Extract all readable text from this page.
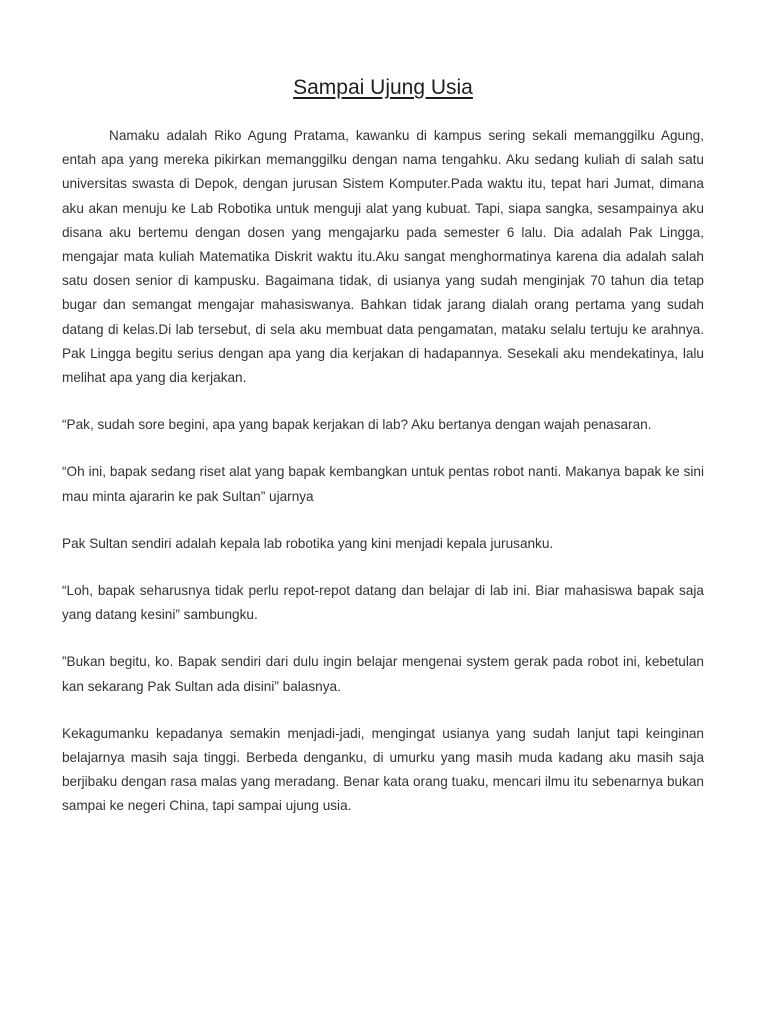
Sampai Ujung Usia

Namaku adalah Riko Agung Pratama, kawanku di kampus sering sekali memanggilku Agung, entah apa yang mereka pikirkan memanggilku dengan nama tengahku. Aku sedang kuliah di salah satu universitas swasta di Depok, dengan jurusan Sistem Komputer.Pada waktu itu, tepat hari Jumat, dimana aku akan menuju ke Lab Robotika untuk menguji alat yang kubuat. Tapi, siapa sangka, sesampainya aku disana aku bertemu dengan dosen yang mengajarku pada semester 6 lalu. Dia adalah Pak Lingga, mengajar mata kuliah Matematika Diskrit waktu itu.Aku sangat menghormatinya karena dia adalah salah satu dosen senior di kampusku. Bagaimana tidak, di usianya yang sudah menginjak 70 tahun dia tetap bugar dan semangat mengajar mahasiswanya. Bahkan tidak jarang dialah orang pertama yang sudah datang di kelas.Di lab tersebut, di sela aku membuat data pengamatan, mataku selalu tertuju ke arahnya. Pak Lingga begitu serius dengan apa yang dia kerjakan di hadapannya. Sesekali aku mendekatinya, lalu melihat apa yang dia kerjakan.

“Pak, sudah sore begini, apa yang bapak kerjakan di lab? Aku bertanya dengan wajah penasaran.

“Oh ini, bapak sedang riset alat yang bapak kembangkan untuk pentas robot nanti. Makanya bapak ke sini mau minta ajararin ke pak Sultan” ujarnya

Pak Sultan sendiri adalah kepala lab robotika yang kini menjadi kepala jurusanku.

“Loh, bapak seharusnya tidak perlu repot-repot datang dan belajar di lab ini. Biar mahasiswa bapak saja yang datang kesini” sambungku.

”Bukan begitu, ko. Bapak sendiri dari dulu ingin belajar mengenai system gerak pada robot ini, kebetulan kan sekarang Pak Sultan ada disini” balasnya.

Kekagumanku kepadanya semakin menjadi-jadi, mengingat usianya yang sudah lanjut tapi keinginan belajarnya masih saja tinggi. Berbeda denganku, di umurku yang masih muda kadang aku masih saja berjibaku dengan rasa malas yang meradang. Benar kata orang tuaku, mencari ilmu itu sebenarnya bukan sampai ke negeri China, tapi sampai ujung usia.
